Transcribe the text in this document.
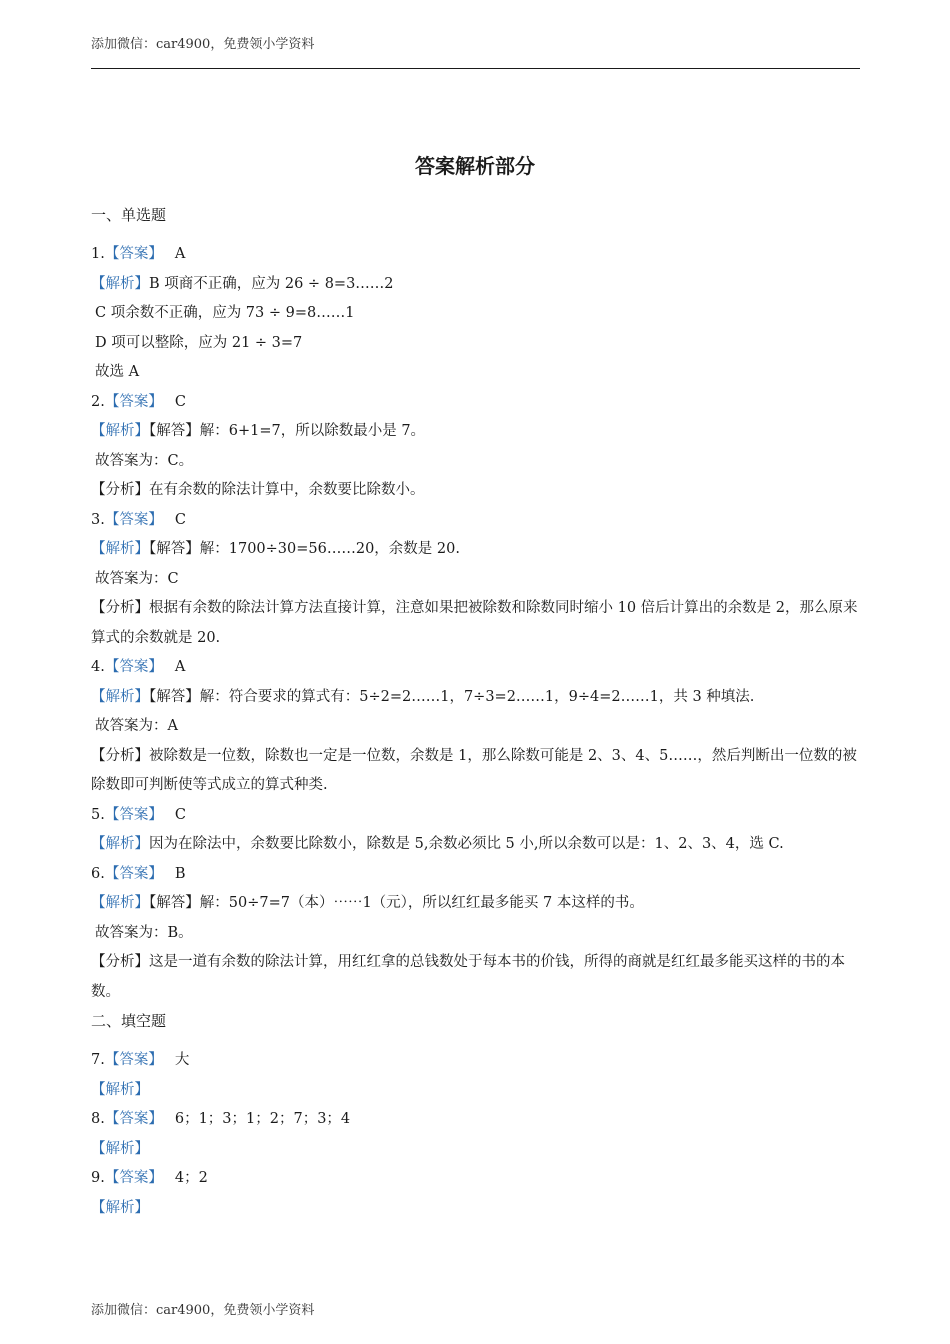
添加微信：car4900，免费领小学资料
答案解析部分
一、单选题
1.【答案】 A
【解析】B 项商不正确，应为 26 ÷ 8=3……2
C 项余数不正确，应为 73 ÷ 9=8……1
D 项可以整除，应为 21 ÷ 3=7
故选 A
2.【答案】 C
【解析】【解答】解：6+1=7，所以除数最小是 7。
故答案为：C。
【分析】在有余数的除法计算中，余数要比除数小。
3.【答案】 C
【解析】【解答】解：1700÷30=56……20，余数是 20.
故答案为：C
【分析】根据有余数的除法计算方法直接计算，注意如果把被除数和除数同时缩小 10 倍后计算出的余数是 2，那么原来算式的余数就是 20.
4.【答案】 A
【解析】【解答】解：符合要求的算式有：5÷2=2……1，7÷3=2……1，9÷4=2……1，共 3 种填法.
故答案为：A
【分析】被除数是一位数，除数也一定是一位数，余数是 1，那么除数可能是 2、3、4、5……，然后判断出一位数的被除数即可判断使等式成立的算式种类.
5.【答案】 C
【解析】因为在除法中，余数要比除数小，除数是 5,余数必须比 5 小,所以余数可以是：1、2、3、4，选 C.
6.【答案】 B
【解析】【解答】解：50÷7=7（本）⋯⋯1（元），所以红红最多能买 7 本这样的书。
故答案为：B。
【分析】这是一道有余数的除法计算，用红红拿的总钱数处于每本书的价钱，所得的商就是红红最多能买这样的书的本数。
二、填空题
7.【答案】 大
【解析】
8.【答案】 6；1；3；1；2；7；3；4
【解析】
9.【答案】 4；2
【解析】
添加微信：car4900，免费领小学资料
